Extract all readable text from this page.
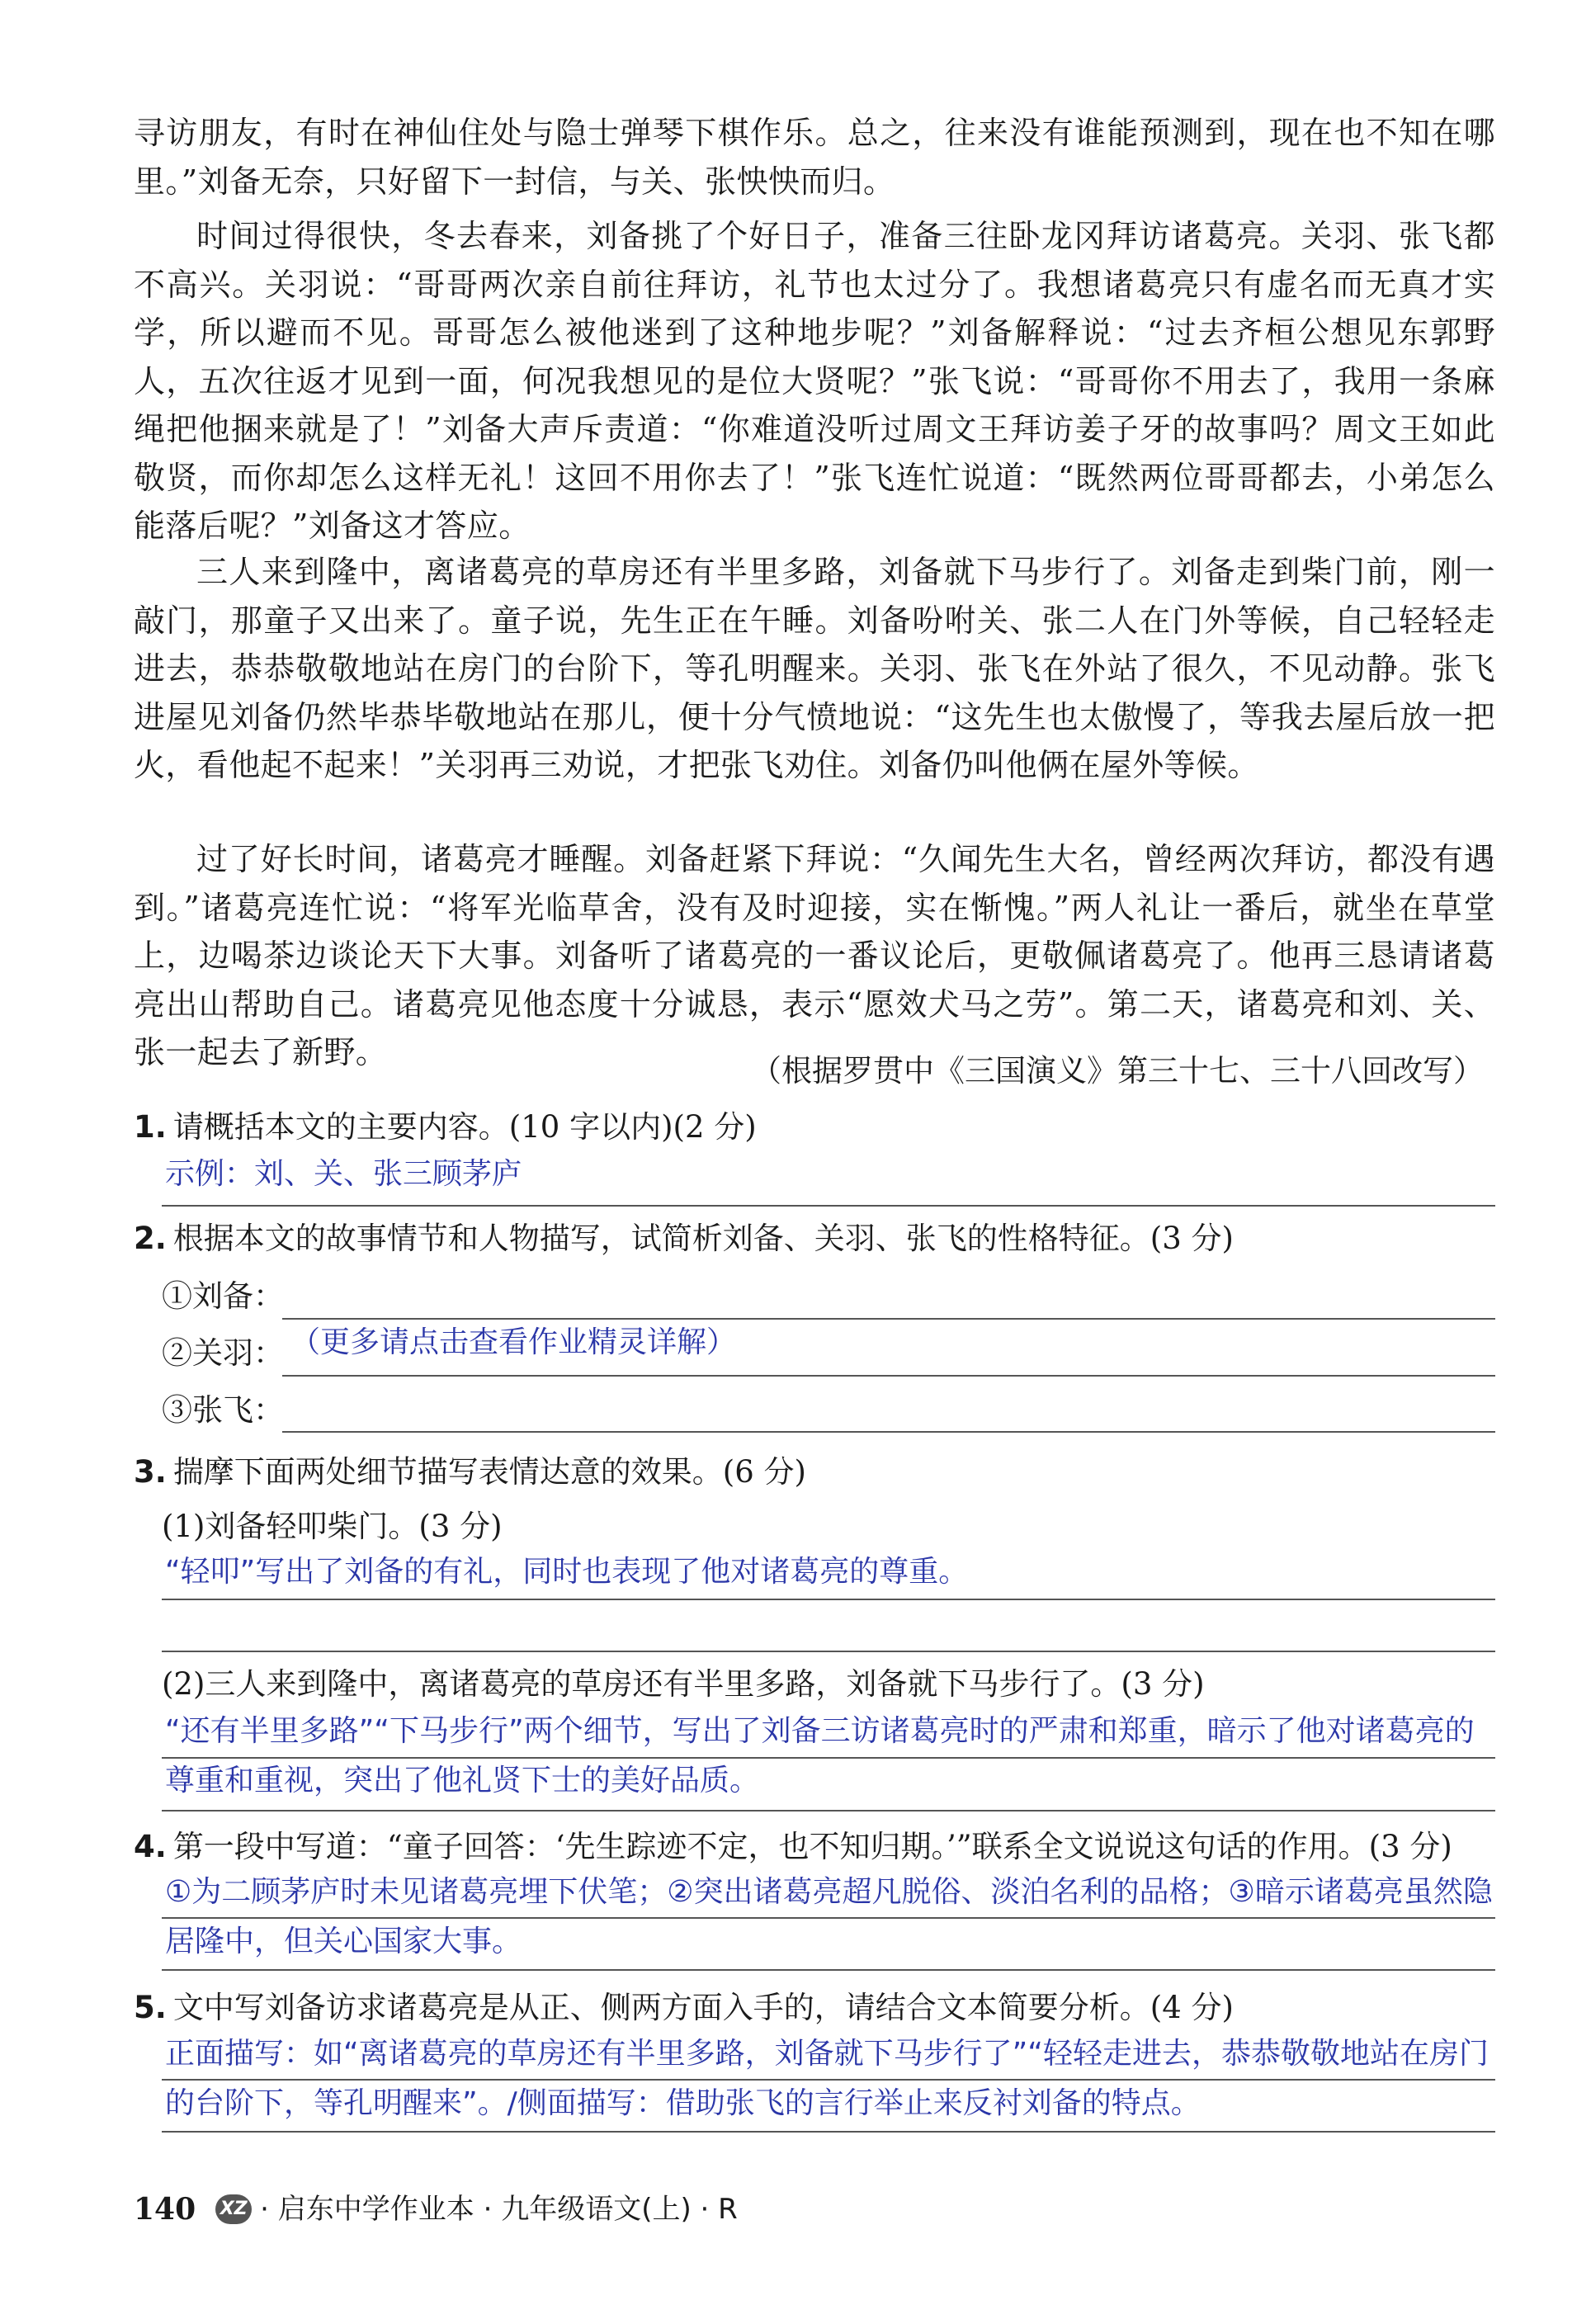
寻访朋友，有时在神仙住处与隐士弹琴下棋作乐。总之，往来没有谁能预测到，现在也不知在哪里。”刘备无奈，只好留下一封信，与关、张怏怏而归。

时间过得很快，冬去春来，刘备挑了个好日子，准备三往卧龙冈拜访诸葛亮。关羽、张飞都不高兴。关羽说：“哥哥两次亲自前往拜访，礼节也太过分了。我想诸葛亮只有虚名而无真才实学，所以避而不见。哥哥怎么被他迷到了这种地步呢？”刘备解释说：“过去齐桓公想见东郭野人，五次往返才见到一面，何况我想见的是位大贤呢？”张飞说：“哥哥你不用去了，我用一条麻绳把他捆来就是了！”刘备大声斥责道：“你难道没听过周文王拜访姜子牙的故事吗？周文王如此敬贤，而你却怎么这样无礼！这回不用你去了！”张飞连忙说道：“既然两位哥哥都去，小弟怎么能落后呢？”刘备这才答应。

三人来到隆中，离诸葛亮的草房还有半里多路，刘备就下马步行了。刘备走到柴门前，刚一敲门，那童子又出来了。童子说，先生正在午睡。刘备吩咐关、张二人在门外等候，自己轻轻走进去，恭恭敬敬地站在房门的台阶下，等孔明醒来。关羽、张飞在外站了很久，不见动静。张飞进屋见刘备仍然毕恭毕敬地站在那儿，便十分气愤地说：“这先生也太傲慢了，等我去屋后放一把火，看他起不起来！”关羽再三劝说，才把张飞劝住。刘备仍叫他俩在屋外等候。

过了好长时间，诸葛亮才睡醒。刘备赶紧下拜说：“久闻先生大名，曾经两次拜访，都没有遇到。”诸葛亮连忙说：“将军光临草舍，没有及时迎接，实在惭愧。”两人礼让一番后，就坐在草堂上，边喝茶边谈论天下大事。刘备听了诸葛亮的一番议论后，更敬佩诸葛亮了。他再三恳请诸葛亮出山帮助自己。诸葛亮见他态度十分诚恳，表示“愿效犬马之劳”。第二天，诸葛亮和刘、关、张一起去了新野。

（根据罗贯中《三国演义》第三十七、三十八回改写）
1. 请概括本文的主要内容。(10 字以内)(2 分)
示例：刘、关、张三顾茅庐
2. 根据本文的故事情节和人物描写，试简析刘备、关羽、张飞的性格特征。(3 分)
①刘备：
②关羽： （更多请点击查看作业精灵详解）
③张飞：
3. 揣摩下面两处细节描写表情达意的效果。(6 分)
(1)刘备轻叩柴门。(3 分)
“轻叩”写出了刘备的有礼，同时也表现了他对诸葛亮的尊重。
(2)三人来到隆中，离诸葛亮的草房还有半里多路，刘备就下马步行了。(3 分)
“还有半里多路”“下马步行”两个细节，写出了刘备三访诸葛亮时的严肃和郑重，暗示了他对诸葛亮的尊重和重视，突出了他礼贤下士的美好品质。
4. 第一段中写道：“童子回答：‘先生踪迹不定，也不知归期。’”联系全文说说这句话的作用。(3 分)
①为二顾茅庐时未见诸葛亮埋下伏笔；②突出诸葛亮超凡脱俗、淡泊名利的品格；③暗示诸葛亮虽然隐居隆中，但关心国家大事。
5. 文中写刘备访求诸葛亮是从正、侧两方面入手的，请结合文本简要分析。(4 分)
正面描写：如“离诸葛亮的草房还有半里多路，刘备就下马步行了”“轻轻走进去，恭恭敬敬地站在房门的台阶下，等孔明醒来”。/侧面描写：借助张飞的言行举止来反衬刘备的特点。
140 XZ · 启东中学作业本 · 九年级语文(上) · R
